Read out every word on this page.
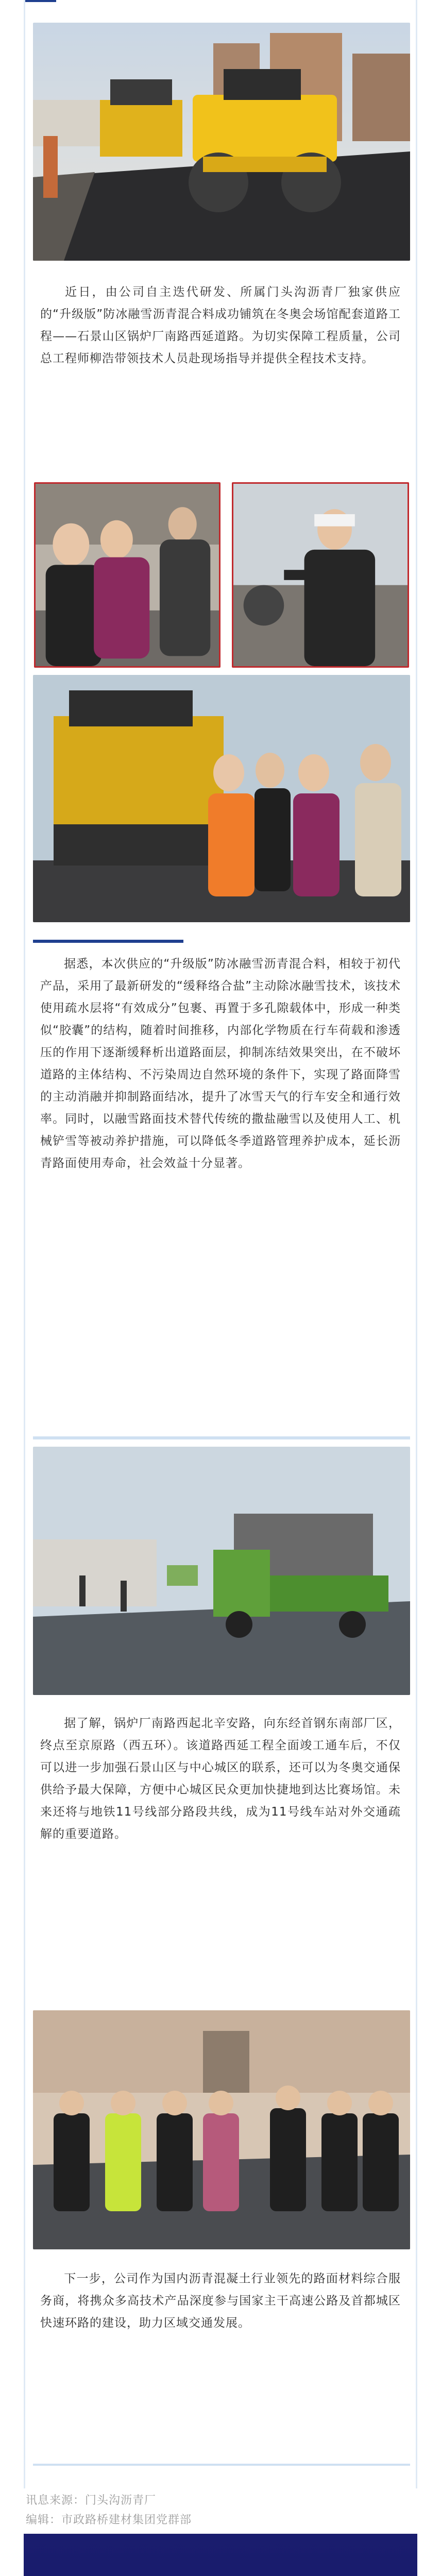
近日，由公司自主迭代研发、所属门头沟沥青厂独家供应的“升级版”防冰融雪沥青混合料成功铺筑在冬奥会场馆配套道路工程——石景山区锅炉厂南路西延道路。为切实保障工程质量，公司总工程师柳浩带领技术人员赴现场指导并提供全程技术支持。

据悉，本次供应的“升级版”防冰融雪沥青混合料，相较于初代产品，采用了最新研发的“缓释络合盐”主动除冰融雪技术，该技术使用疏水层将“有效成分”包裹、再置于多孔隙载体中，形成一种类似“胶囊”的结构，随着时间推移，内部化学物质在行车荷载和渗透压的作用下逐渐缓释析出道路面层，抑制冻结效果突出，在不破坏道路的主体结构、不污染周边自然环境的条件下，实现了路面降雪的主动消融并抑制路面结冰，提升了冰雪天气的行车安全和通行效率。同时，以融雪路面技术替代传统的撒盐融雪以及使用人工、机械铲雪等被动养护措施，可以降低冬季道路管理养护成本，延长沥青路面使用寿命，社会效益十分显著。

据了解，锅炉厂南路西起北辛安路，向东经首钢东南部厂区，终点至京原路（西五环）。该道路西延工程全面竣工通车后，不仅可以进一步加强石景山区与中心城区的联系，还可以为冬奥交通保供给予最大保障，方便中心城区民众更加快捷地到达比赛场馆。未来还将与地铁11号线部分路段共线，成为11号线车站对外交通疏解的重要道路。

下一步，公司作为国内沥青混凝土行业领先的路面材料综合服务商，将携众多高技术产品深度参与国家主干高速公路及首都城区快速环路的建设，助力区域交通发展。

讯息来源：门头沟沥青厂
编辑：市政路桥建材集团党群部
